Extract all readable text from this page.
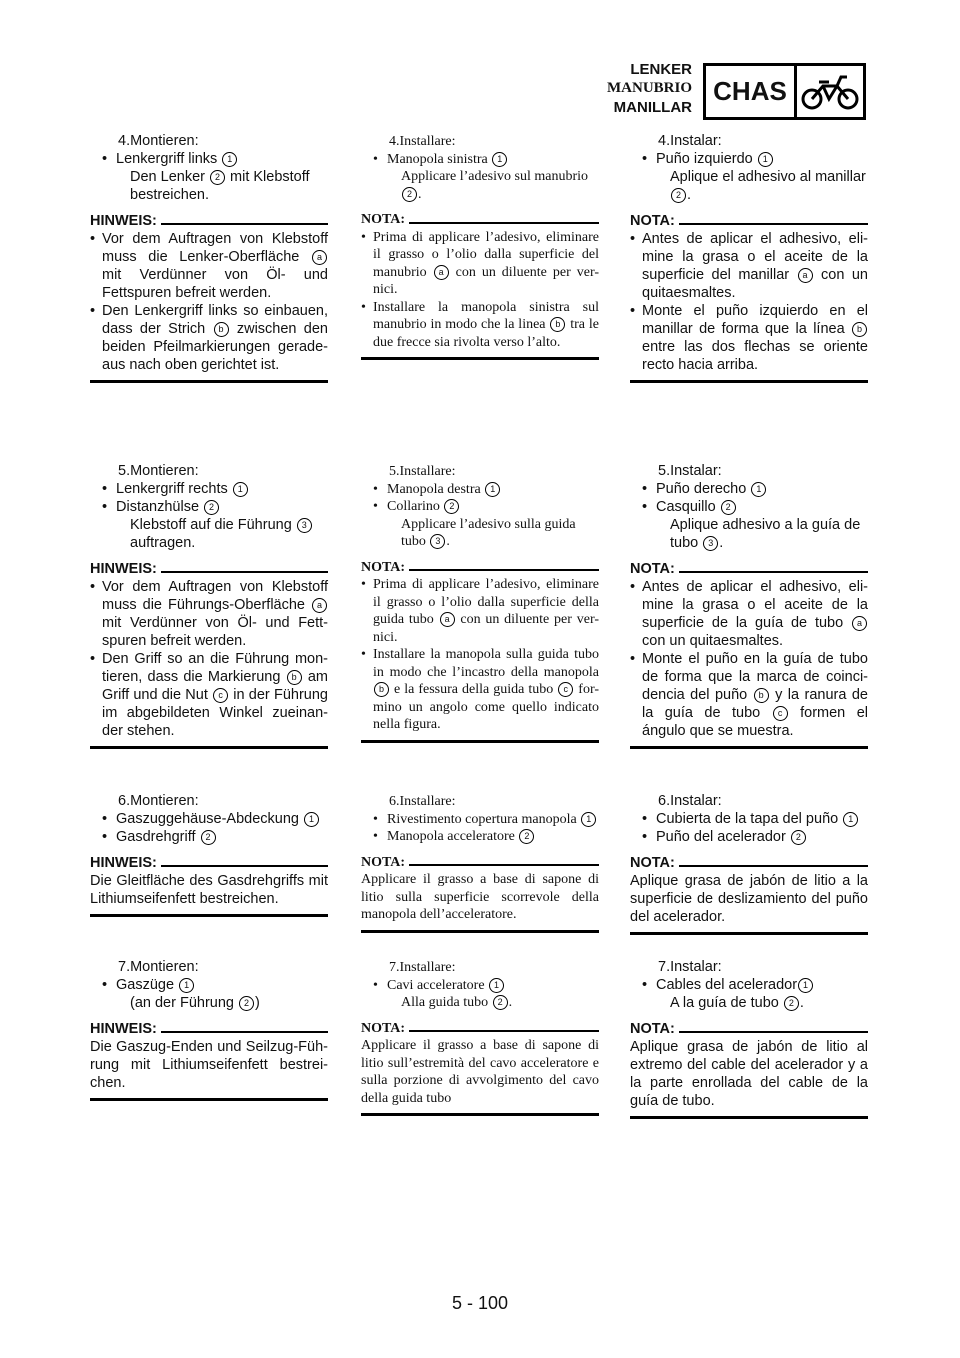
LENKER
MANUBRIO
MANILLAR
CHAS
4.Montieren:
• Lenkergriff links 1
Den Lenker 2 mit Klebstoff bestreichen.
HINWEIS:
• Vor dem Auftragen von Klebstoff muss die Lenker-Oberfläche a mit Verdünner von Öl- und Fettspuren befreit werden.
• Den Lenkergriff links so einbauen, dass der Strich b zwischen den beiden Pfeilmarkierungen gerade-aus nach oben gerichtet ist.
5.Montieren:
• Lenkergriff rechts 1
• Distanzhülse 2
Klebstoff auf die Führung 3 auftragen.
HINWEIS:
• Vor dem Auftragen von Klebstoff muss die Führungs-Oberfläche a mit Verdünner von Öl- und Fett-spuren befreit werden.
• Den Griff so an die Führung mon-tieren, dass die Markierung b am Griff und die Nut c in der Führung im abgebildeten Winkel zueinan-der stehen.
6.Montieren:
• Gaszuggehäuse-Abdeckung 1
• Gasdrehgriff 2
HINWEIS:
Die Gleitfläche des Gasdrehgriffs mit Lithiumseifenfett bestreichen.
7.Montieren:
• Gaszüge 1
(an der Führung 2 )
HINWEIS:
Die Gaszug-Enden und Seilzug-Füh-rung mit Lithiumseifenfett bestrei-chen.
4.Installare:
• Manopola sinistra 1
Applicare l’adesivo sul manubrio 2 .
NOTA:
• Prima di applicare l’adesivo, eliminare il grasso o l’olio dalla superficie del manubrio a con un diluente per ver-nici.
• Installare la manopola sinistra sul manubrio in modo che la linea b tra le due frecce sia rivolta verso l’alto.
5.Installare:
• Manopola destra 1
• Collarino 2
Applicare l’adesivo sulla guida tubo 3 .
NOTA:
• Prima di applicare l’adesivo, eliminare il grasso o l’olio dalla superficie della guida tubo a con un diluente per ver-nici.
• Installare la manopola sulla guida tubo in modo che l’incastro della manopola b e la fessura della guida tubo c for-mino un angolo come quello indicato nella figura.
6.Installare:
• Rivestimento copertura manopola 1
• Manopola acceleratore 2
NOTA:
Applicare il grasso a base di sapone di litio sulla superficie scorrevole della manopola dell’acceleratore.
7.Installare:
• Cavi acceleratore 1
Alla guida tubo 2 .
NOTA:
Applicare il grasso a base di sapone di litio sull’estremità del cavo acceleratore e sulla porzione di avvolgimento del cavo della guida tubo
4.Instalar:
• Puño izquierdo 1
Aplique el adhesivo al manillar 2 .
NOTA:
• Antes de aplicar el adhesivo, eli-mine la grasa o el aceite de la superficie del manillar a con un quitaesmaltes.
• Monte el puño izquierdo en el manillar de forma que la línea b entre las dos flechas se oriente recto hacia arriba.
5.Instalar:
• Puño derecho 1
• Casquillo 2
Aplique adhesivo a la guía de tubo 3 .
NOTA:
• Antes de aplicar el adhesivo, eli-mine la grasa o el aceite de la superficie de la guía de tubo a con un quitaesmaltes.
• Monte el puño en la guía de tubo de forma que la marca de coinci-dencia del puño b y la ranura de la guía de tubo c formen el ángulo que se muestra.
6.Instalar:
• Cubierta de la tapa del puño 1
• Puño del acelerador 2
NOTA:
Aplique grasa de jabón de litio a la superficie de deslizamiento del puño del acelerador.
7.Instalar:
• Cables del acelerador 1
A la guía de tubo 2 .
NOTA:
Aplique grasa de jabón de litio al extremo del cable del acelerador y a la parte enrollada del cable de la guía de tubo.
5 - 100
